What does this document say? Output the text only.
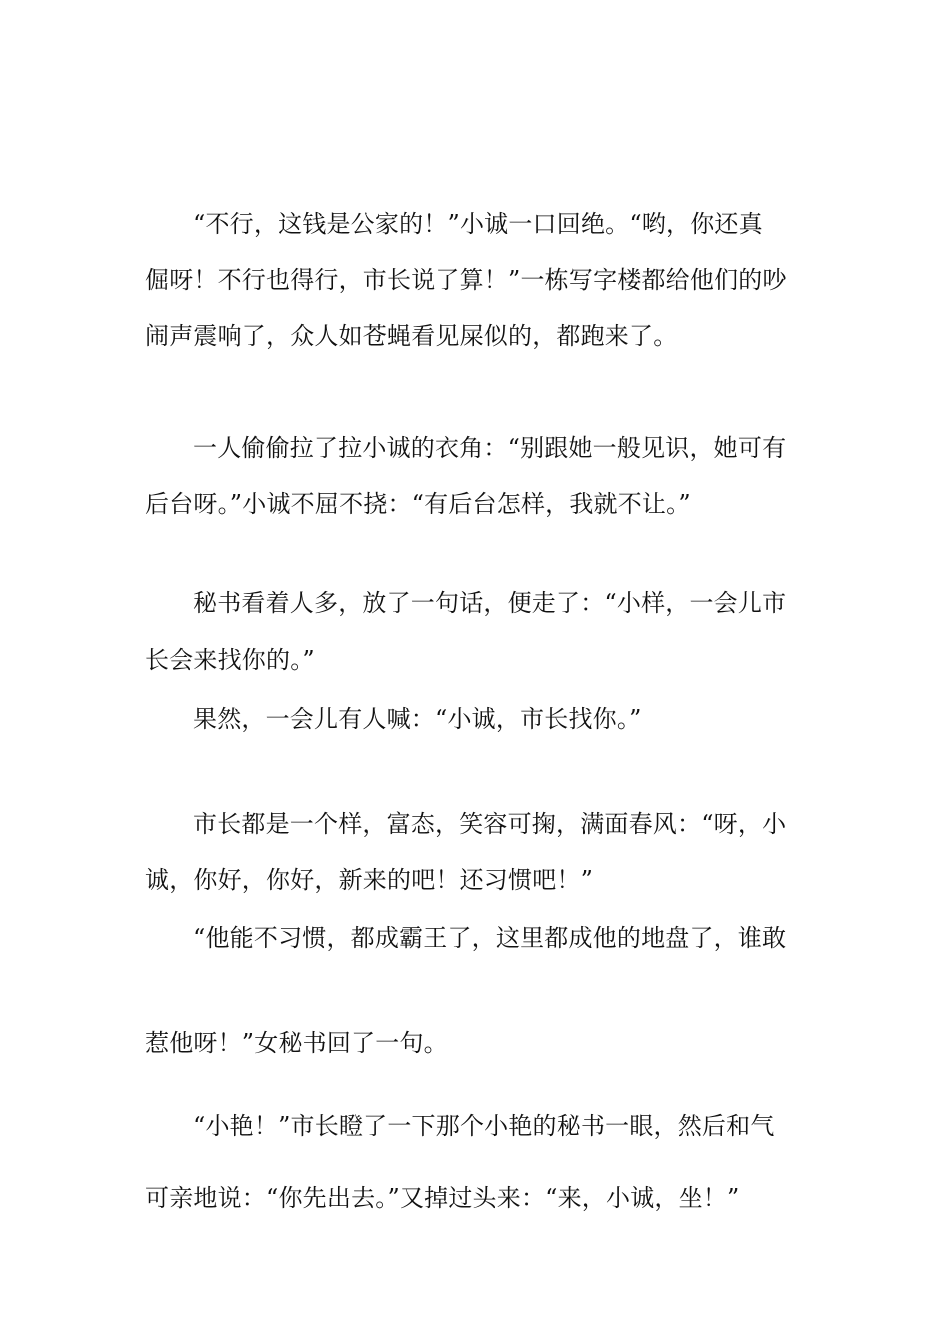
“不行，这钱是公家的！”小诚一口回绝。“哟，你还真
倔呀！不行也得行，市长说了算！”一栋写字楼都给他们的吵
闹声震响了，众人如苍蝇看见屎似的，都跑来了。
一人偷偷拉了拉小诚的衣角：“别跟她一般见识，她可有
后台呀。”小诚不屈不挠：“有后台怎样，我就不让。”
秘书看着人多，放了一句话，便走了：“小样，一会儿市
长会来找你的。”
果然，一会儿有人喊：“小诚，市长找你。”
市长都是一个样，富态，笑容可掬，满面春风：“呀，小
诚，你好，你好，新来的吧！还习惯吧！”
“他能不习惯，都成霸王了，这里都成他的地盘了，谁敢
惹他呀！”女秘书回了一句。
“小艳！”市长瞪了一下那个小艳的秘书一眼，然后和气
可亲地说：“你先出去。”又掉过头来：“来，小诚，坐！”
